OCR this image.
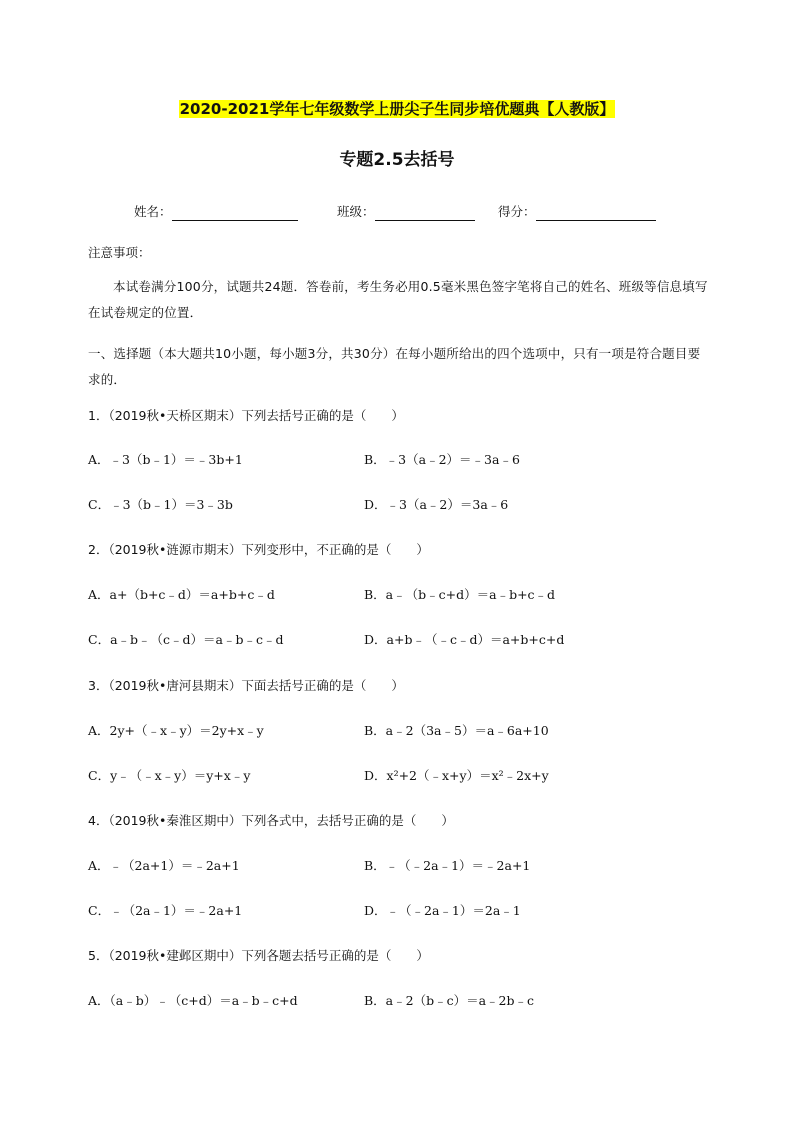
2020-2021学年七年级数学上册尖子生同步培优题典【人教版】
专题2.5去括号
姓名：	班级：	得分：
注意事项：
本试卷满分100分，试题共24题．答卷前，考生务必用0.5毫米黑色签字笔将自己的姓名、班级等信息填写在试卷规定的位置．
一、选择题（本大题共10小题，每小题3分，共30分）在每小题所给出的四个选项中，只有一项是符合题目要求的．
1．（2019秋•天桥区期末）下列去括号正确的是（　　）
A．﹣3（b﹣1）＝﹣3b+1	B．﹣3（a﹣2）＝﹣3a﹣6
C．﹣3（b﹣1）＝3﹣3b	D．﹣3（a﹣2）＝3a﹣6
2．（2019秋•涟源市期末）下列变形中，不正确的是（　　）
A．a+（b+c﹣d）＝a+b+c﹣d	B．a﹣（b﹣c+d）＝a﹣b+c﹣d
C．a﹣b﹣（c﹣d）＝a﹣b﹣c﹣d	D．a+b﹣（﹣c﹣d）＝a+b+c+d
3．（2019秋•唐河县期末）下面去括号正确的是（　　）
A．2y+（﹣x﹣y）＝2y+x﹣y	B．a﹣2（3a﹣5）＝a﹣6a+10
C．y﹣（﹣x﹣y）＝y+x﹣y	D．x²+2（﹣x+y）＝x²﹣2x+y
4．（2019秋•秦淮区期中）下列各式中，去括号正确的是（　　）
A．﹣（2a+1）＝﹣2a+1	B．﹣（﹣2a﹣1）＝﹣2a+1
C．﹣（2a﹣1）＝﹣2a+1	D．﹣（﹣2a﹣1）＝2a﹣1
5．（2019秋•建邺区期中）下列各题去括号正确的是（　　）
A．（a﹣b）﹣（c+d）＝a﹣b﹣c+d	B．a﹣2（b﹣c）＝a﹣2b﹣c
